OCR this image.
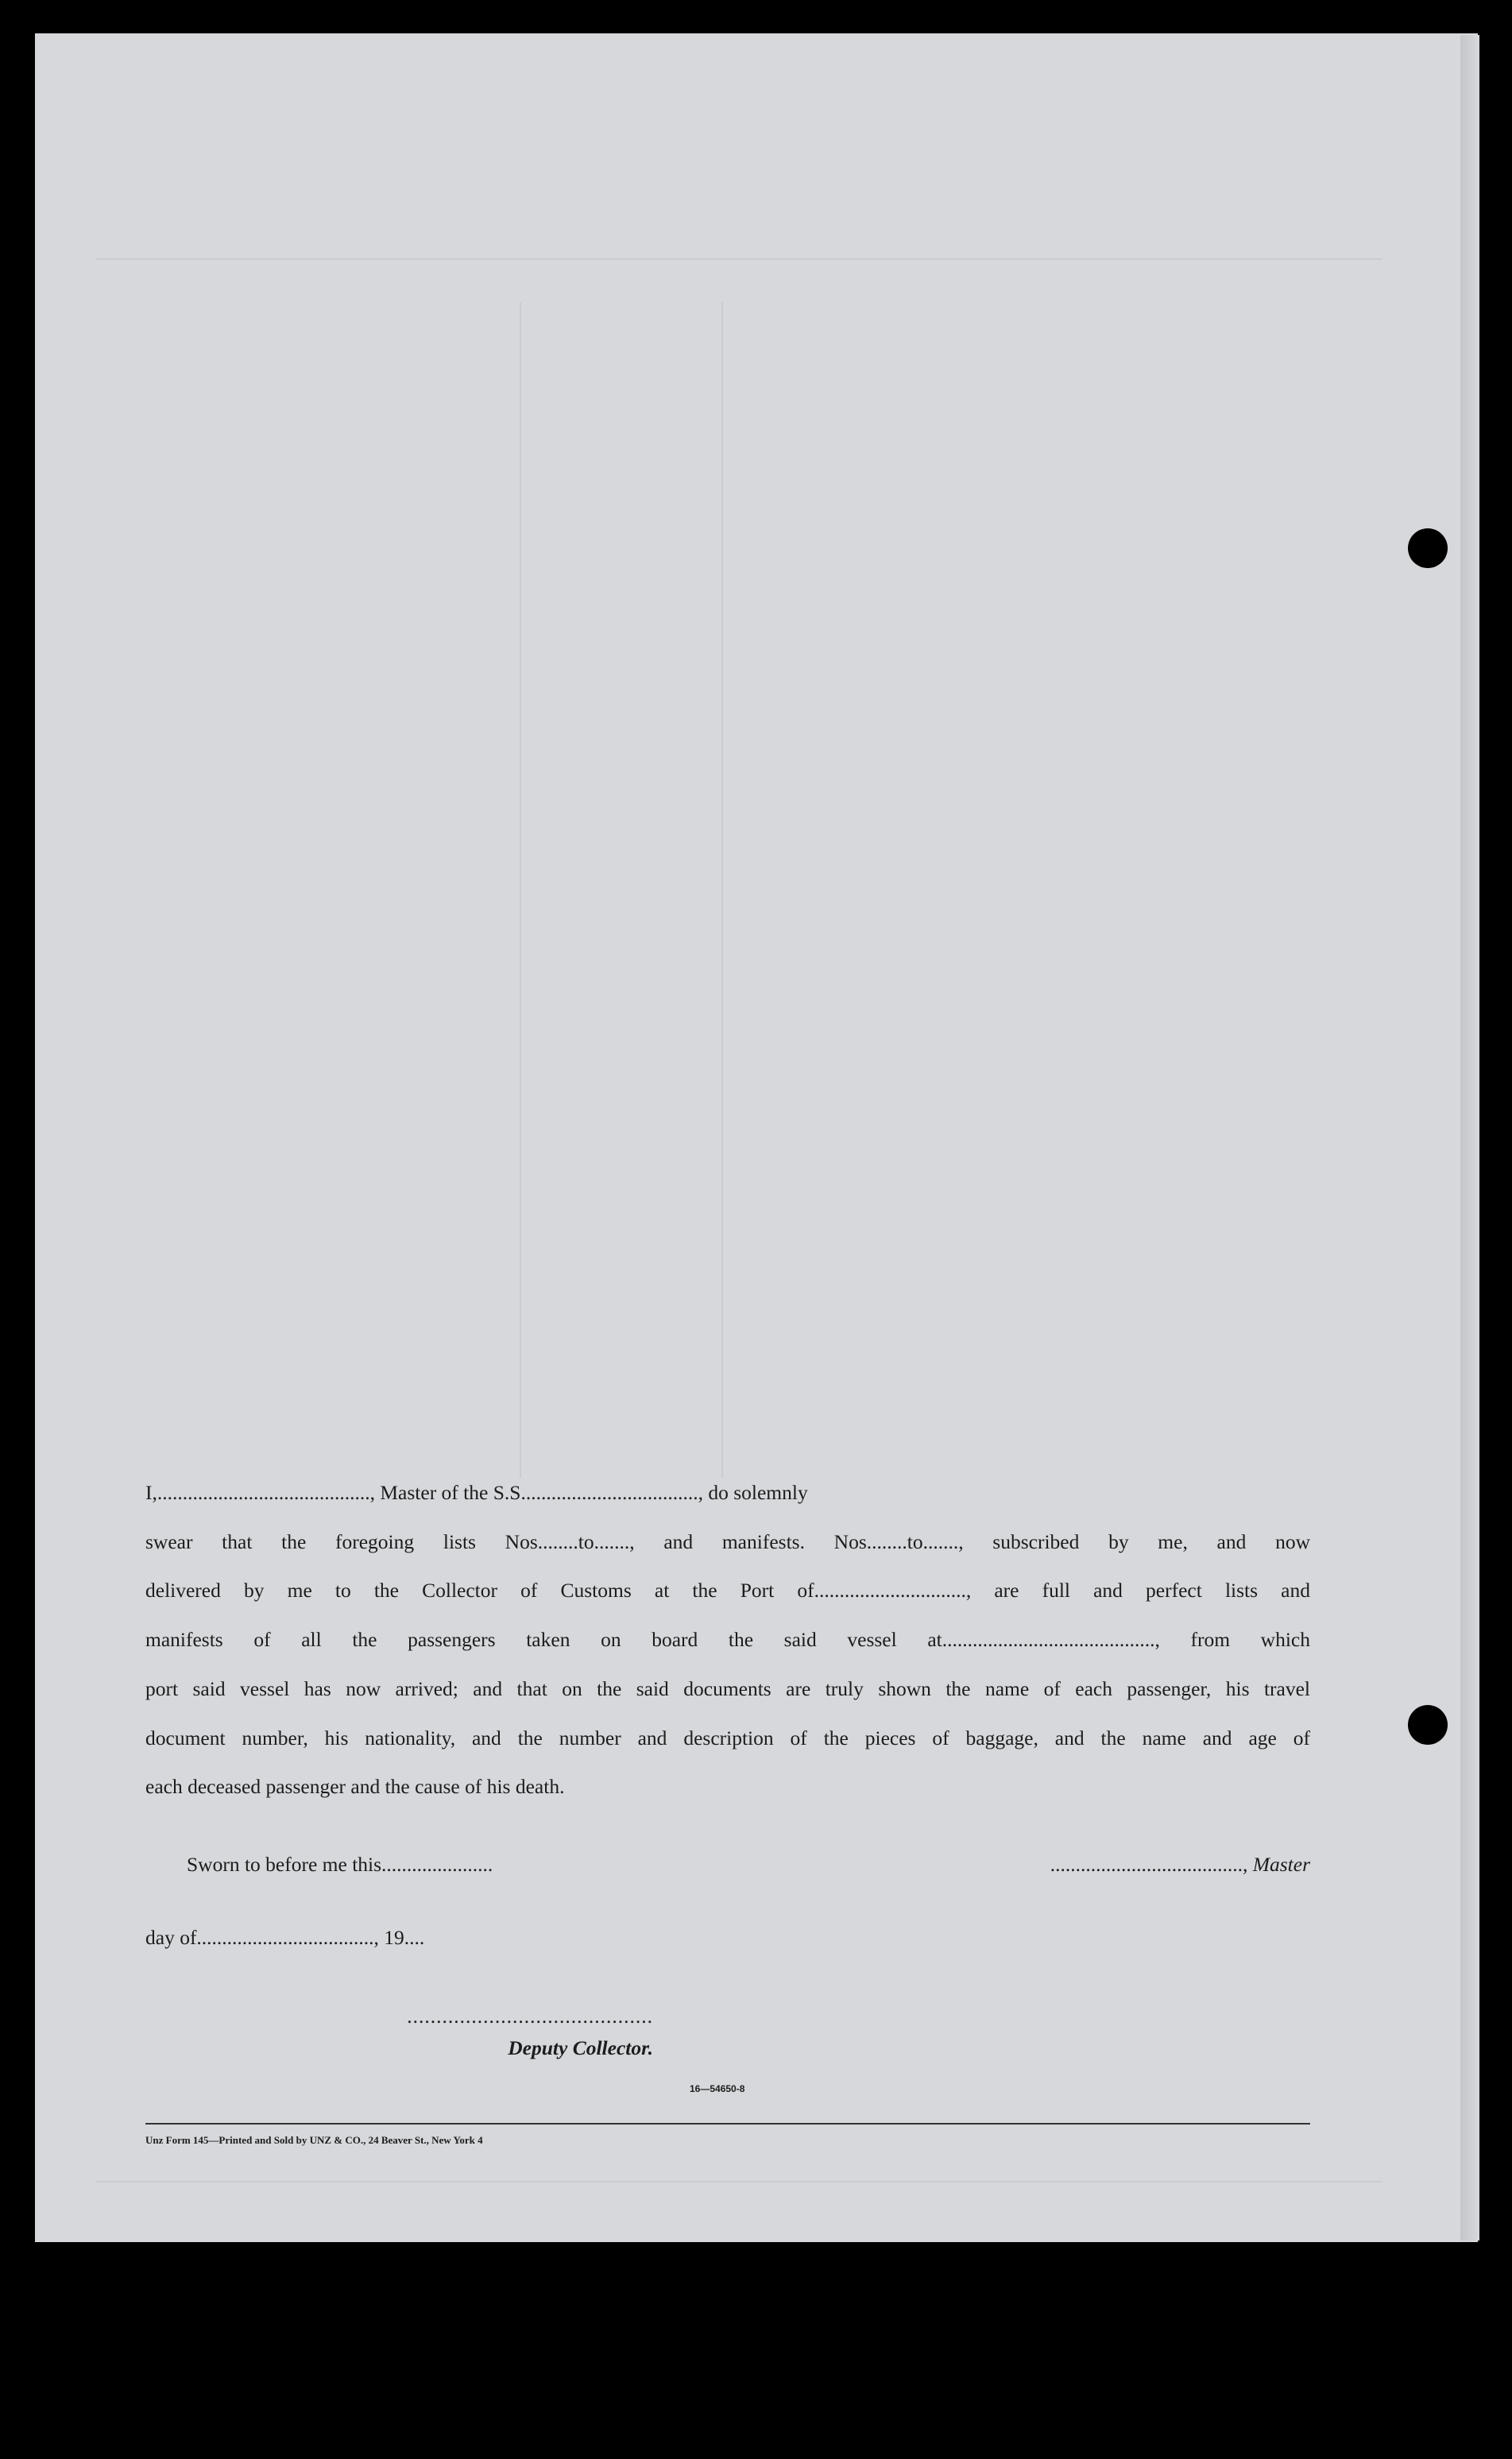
I,.........................................., Master of the S.S..................................., do solemnly

swear that the foregoing lists Nos........to......., and manifests. Nos........to......., subscribed by me, and now

delivered by me to the Collector of Customs at the Port of.............................., are full and perfect lists and

manifests of all the passengers taken on board the said vessel at.........................................., from which

port said vessel has now arrived; and that on the said documents are truly shown the name of each passenger, his travel

document number, his nationality, and the number and description of the pieces of baggage, and the name and age of

each deceased passenger and the cause of his death.

Sworn to before me this......................	......................................, Master
day of..................................., 19....
..........................................
Deputy Collector.
16—54650-8
Unz Form 145—Printed and Sold by UNZ & CO., 24 Beaver St., New York 4
